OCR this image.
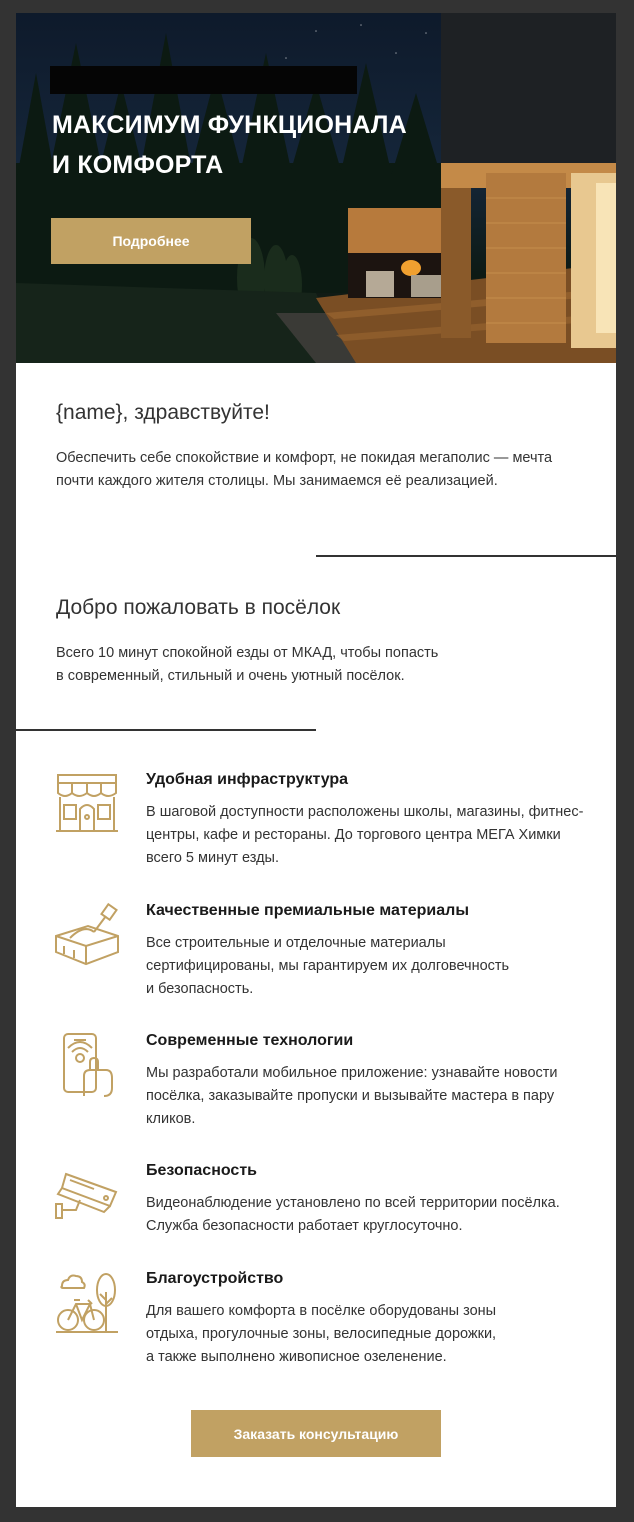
МАКСИМУМ ФУНКЦИОНАЛА
И КОМФОРТА
Подробнее
{name}, здравствуйте!

Обеспечить себе спокойствие и комфорт, не покидая мегаполис — мечта почти каждого жителя столицы. Мы занимаемся её реализацией.

Добро пожаловать в посёлок

Всего 10 минут спокойной езды от МКАД, чтобы попасть
в современный, стильный и очень уютный посёлок.

Удобная инфраструктура

В шаговой доступности расположены школы, магазины, фитнес-центры, кафе и рестораны. До торгового центра МЕГА Химки всего 5 минут езды.

Качественные премиальные материалы

Все строительные и отделочные материалы
сертифицированы, мы гарантируем их долговечность
и безопасность.

Современные технологии

Мы разработали мобильное приложение: узнавайте новости посёлка, заказывайте пропуски и вызывайте мастера в пару кликов.

Безопасность

Видеонаблюдение установлено по всей территории посёлка. Служба безопасности работает круглосуточно.

Благоустройство

Для вашего комфорта в посёлке оборудованы зоны
отдыха, прогулочные зоны, велосипедные дорожки,
а также выполнено живописное озеленение.

Заказать консультацию
